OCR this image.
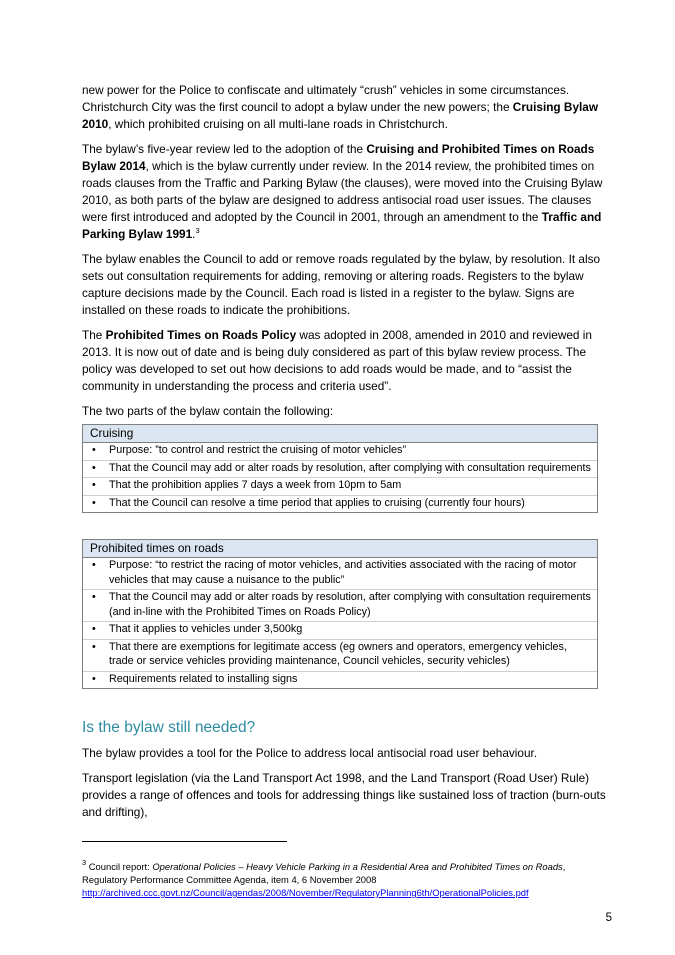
new power for the Police to confiscate and ultimately “crush” vehicles in some circumstances. Christchurch City was the first council to adopt a bylaw under the new powers; the Cruising Bylaw 2010, which prohibited cruising on all multi-lane roads in Christchurch.

The bylaw’s five-year review led to the adoption of the Cruising and Prohibited Times on Roads Bylaw 2014, which is the bylaw currently under review. In the 2014 review, the prohibited times on roads clauses from the Traffic and Parking Bylaw (the clauses), were moved into the Cruising Bylaw 2010, as both parts of the bylaw are designed to address antisocial road user issues. The clauses were first introduced and adopted by the Council in 2001, through an amendment to the Traffic and Parking Bylaw 1991.$^3$

The bylaw enables the Council to add or remove roads regulated by the bylaw, by resolution. It also sets out consultation requirements for adding, removing or altering roads. Registers to the bylaw capture decisions made by the Council. Each road is listed in a register to the bylaw. Signs are installed on these roads to indicate the prohibitions.

The Prohibited Times on Roads Policy was adopted in 2008, amended in 2010 and reviewed in 2013. It is now out of date and is being duly considered as part of this bylaw review process. The policy was developed to set out how decisions to add roads would be made, and to “assist the community in understanding the process and criteria used”.

The two parts of the bylaw contain the following:

Cruising
• Purpose: ”to control and restrict the cruising of motor vehicles”
• That the Council may add or alter roads by resolution, after complying with consultation requirements
• That the prohibition applies 7 days a week from 10pm to 5am
• That the Council can resolve a time period that applies to cruising (currently four hours)
Prohibited times on roads
• Purpose: “to restrict the racing of motor vehicles, and activities associated with the racing of motor vehicles that may cause a nuisance to the public”
• That the Council may add or alter roads by resolution, after complying with consultation requirements (and in-line with the Prohibited Times on Roads Policy)
• That it applies to vehicles under 3,500kg
• That there are exemptions for legitimate access (eg owners and operators, emergency vehicles, trade or service vehicles providing maintenance, Council vehicles, security vehicles)
• Requirements related to installing signs
Is the bylaw still needed?

The bylaw provides a tool for the Police to address local antisocial road user behaviour.

Transport legislation (via the Land Transport Act 1998, and the Land Transport (Road User) Rule) provides a range of offences and tools for addressing things like sustained loss of traction (burn-outs and drifting),

$^3$ Council report: Operational Policies – Heavy Vehicle Parking in a Residential Area and Prohibited Times on Roads, Regulatory Performance Committee Agenda, item 4, 6 November 2008
http://archived.ccc.govt.nz/Council/agendas/2008/November/RegulatoryPlanning6th/OperationalPolicies.pdf
5
